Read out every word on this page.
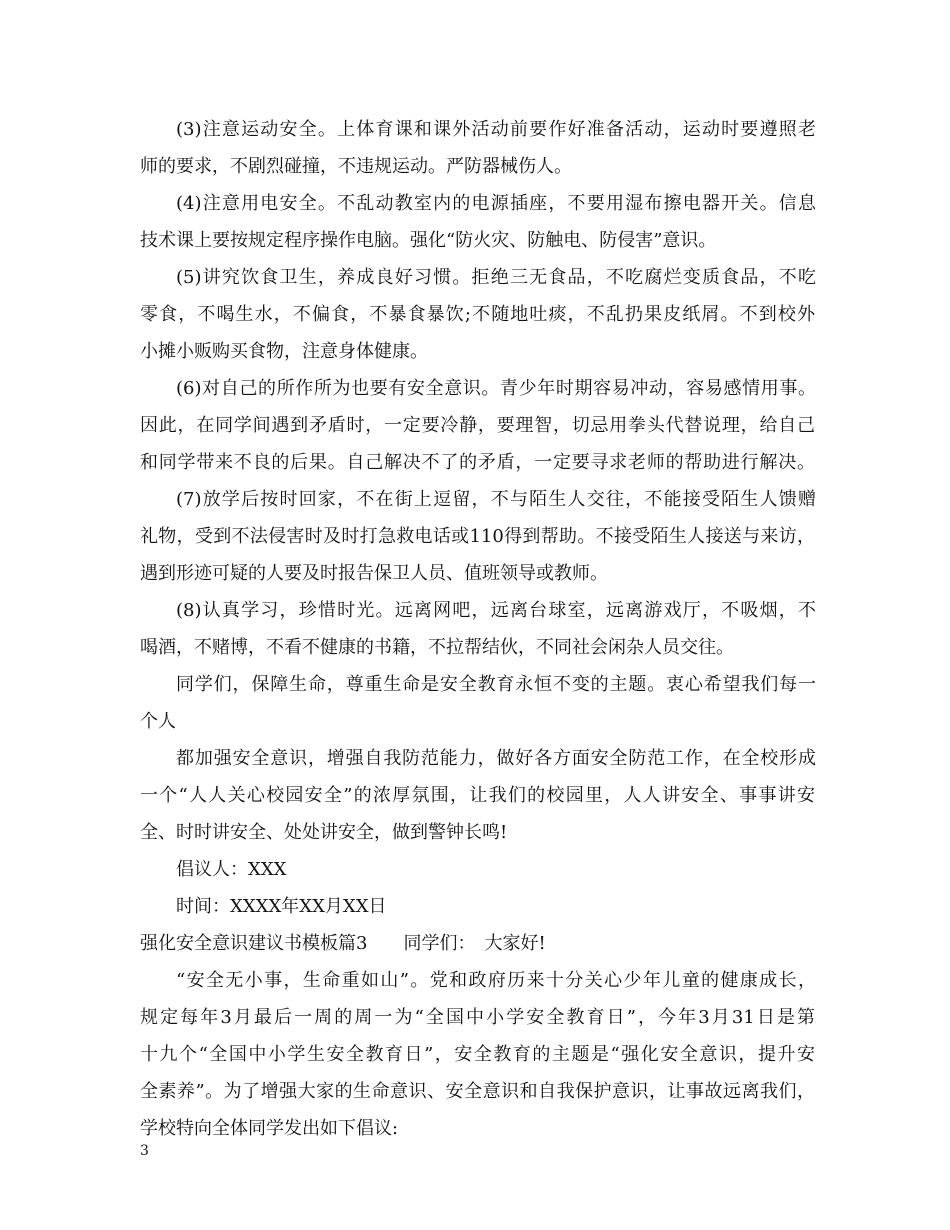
(3)注意运动安全。上体育课和课外活动前要作好准备活动，运动时要遵照老
师的要求，不剧烈碰撞，不违规运动。严防器械伤人。
(4)注意用电安全。不乱动教室内的电源插座，不要用湿布擦电器开关。信息
技术课上要按规定程序操作电脑。强化“防火灾、防触电、防侵害”意识。
(5)讲究饮食卫生，养成良好习惯。拒绝三无食品，不吃腐烂变质食品，不吃
零食，不喝生水，不偏食，不暴食暴饮;不随地吐痰，不乱扔果皮纸屑。不到校外
小摊小贩购买食物，注意身体健康。
(6)对自己的所作所为也要有安全意识。青少年时期容易冲动，容易感情用事。
因此，在同学间遇到矛盾时，一定要冷静，要理智，切忌用拳头代替说理，给自己
和同学带来不良的后果。自己解决不了的矛盾，一定要寻求老师的帮助进行解决。
(7)放学后按时回家，不在街上逗留，不与陌生人交往，不能接受陌生人馈赠
礼物，受到不法侵害时及时打急救电话或110得到帮助。不接受陌生人接送与来访，
遇到形迹可疑的人要及时报告保卫人员、值班领导或教师。
(8)认真学习，珍惜时光。远离网吧，远离台球室，远离游戏厅，不吸烟，不
喝酒，不赌博，不看不健康的书籍，不拉帮结伙，不同社会闲杂人员交往。
同学们，保障生命，尊重生命是安全教育永恒不变的主题。衷心希望我们每一
个人
都加强安全意识，增强自我防范能力，做好各方面安全防范工作，在全校形成
一个“人人关心校园安全”的浓厚氛围，让我们的校园里，人人讲安全、事事讲安
全、时时讲安全、处处讲安全，做到警钟长鸣!
倡议人：XXX
时间：XXXX年XX月XX日
强化安全意识建议书模板篇3　　同学们：　大家好!
“安全无小事，生命重如山”。党和政府历来十分关心少年儿童的健康成长，
规定每年3月最后一周的周一为“全国中小学安全教育日”，今年3月31日是第
十九个“全国中小学生安全教育日”，安全教育的主题是“强化安全意识，提升安
全素养”。为了增强大家的生命意识、安全意识和自我保护意识，让事故远离我们，
学校特向全体同学发出如下倡议:
3
